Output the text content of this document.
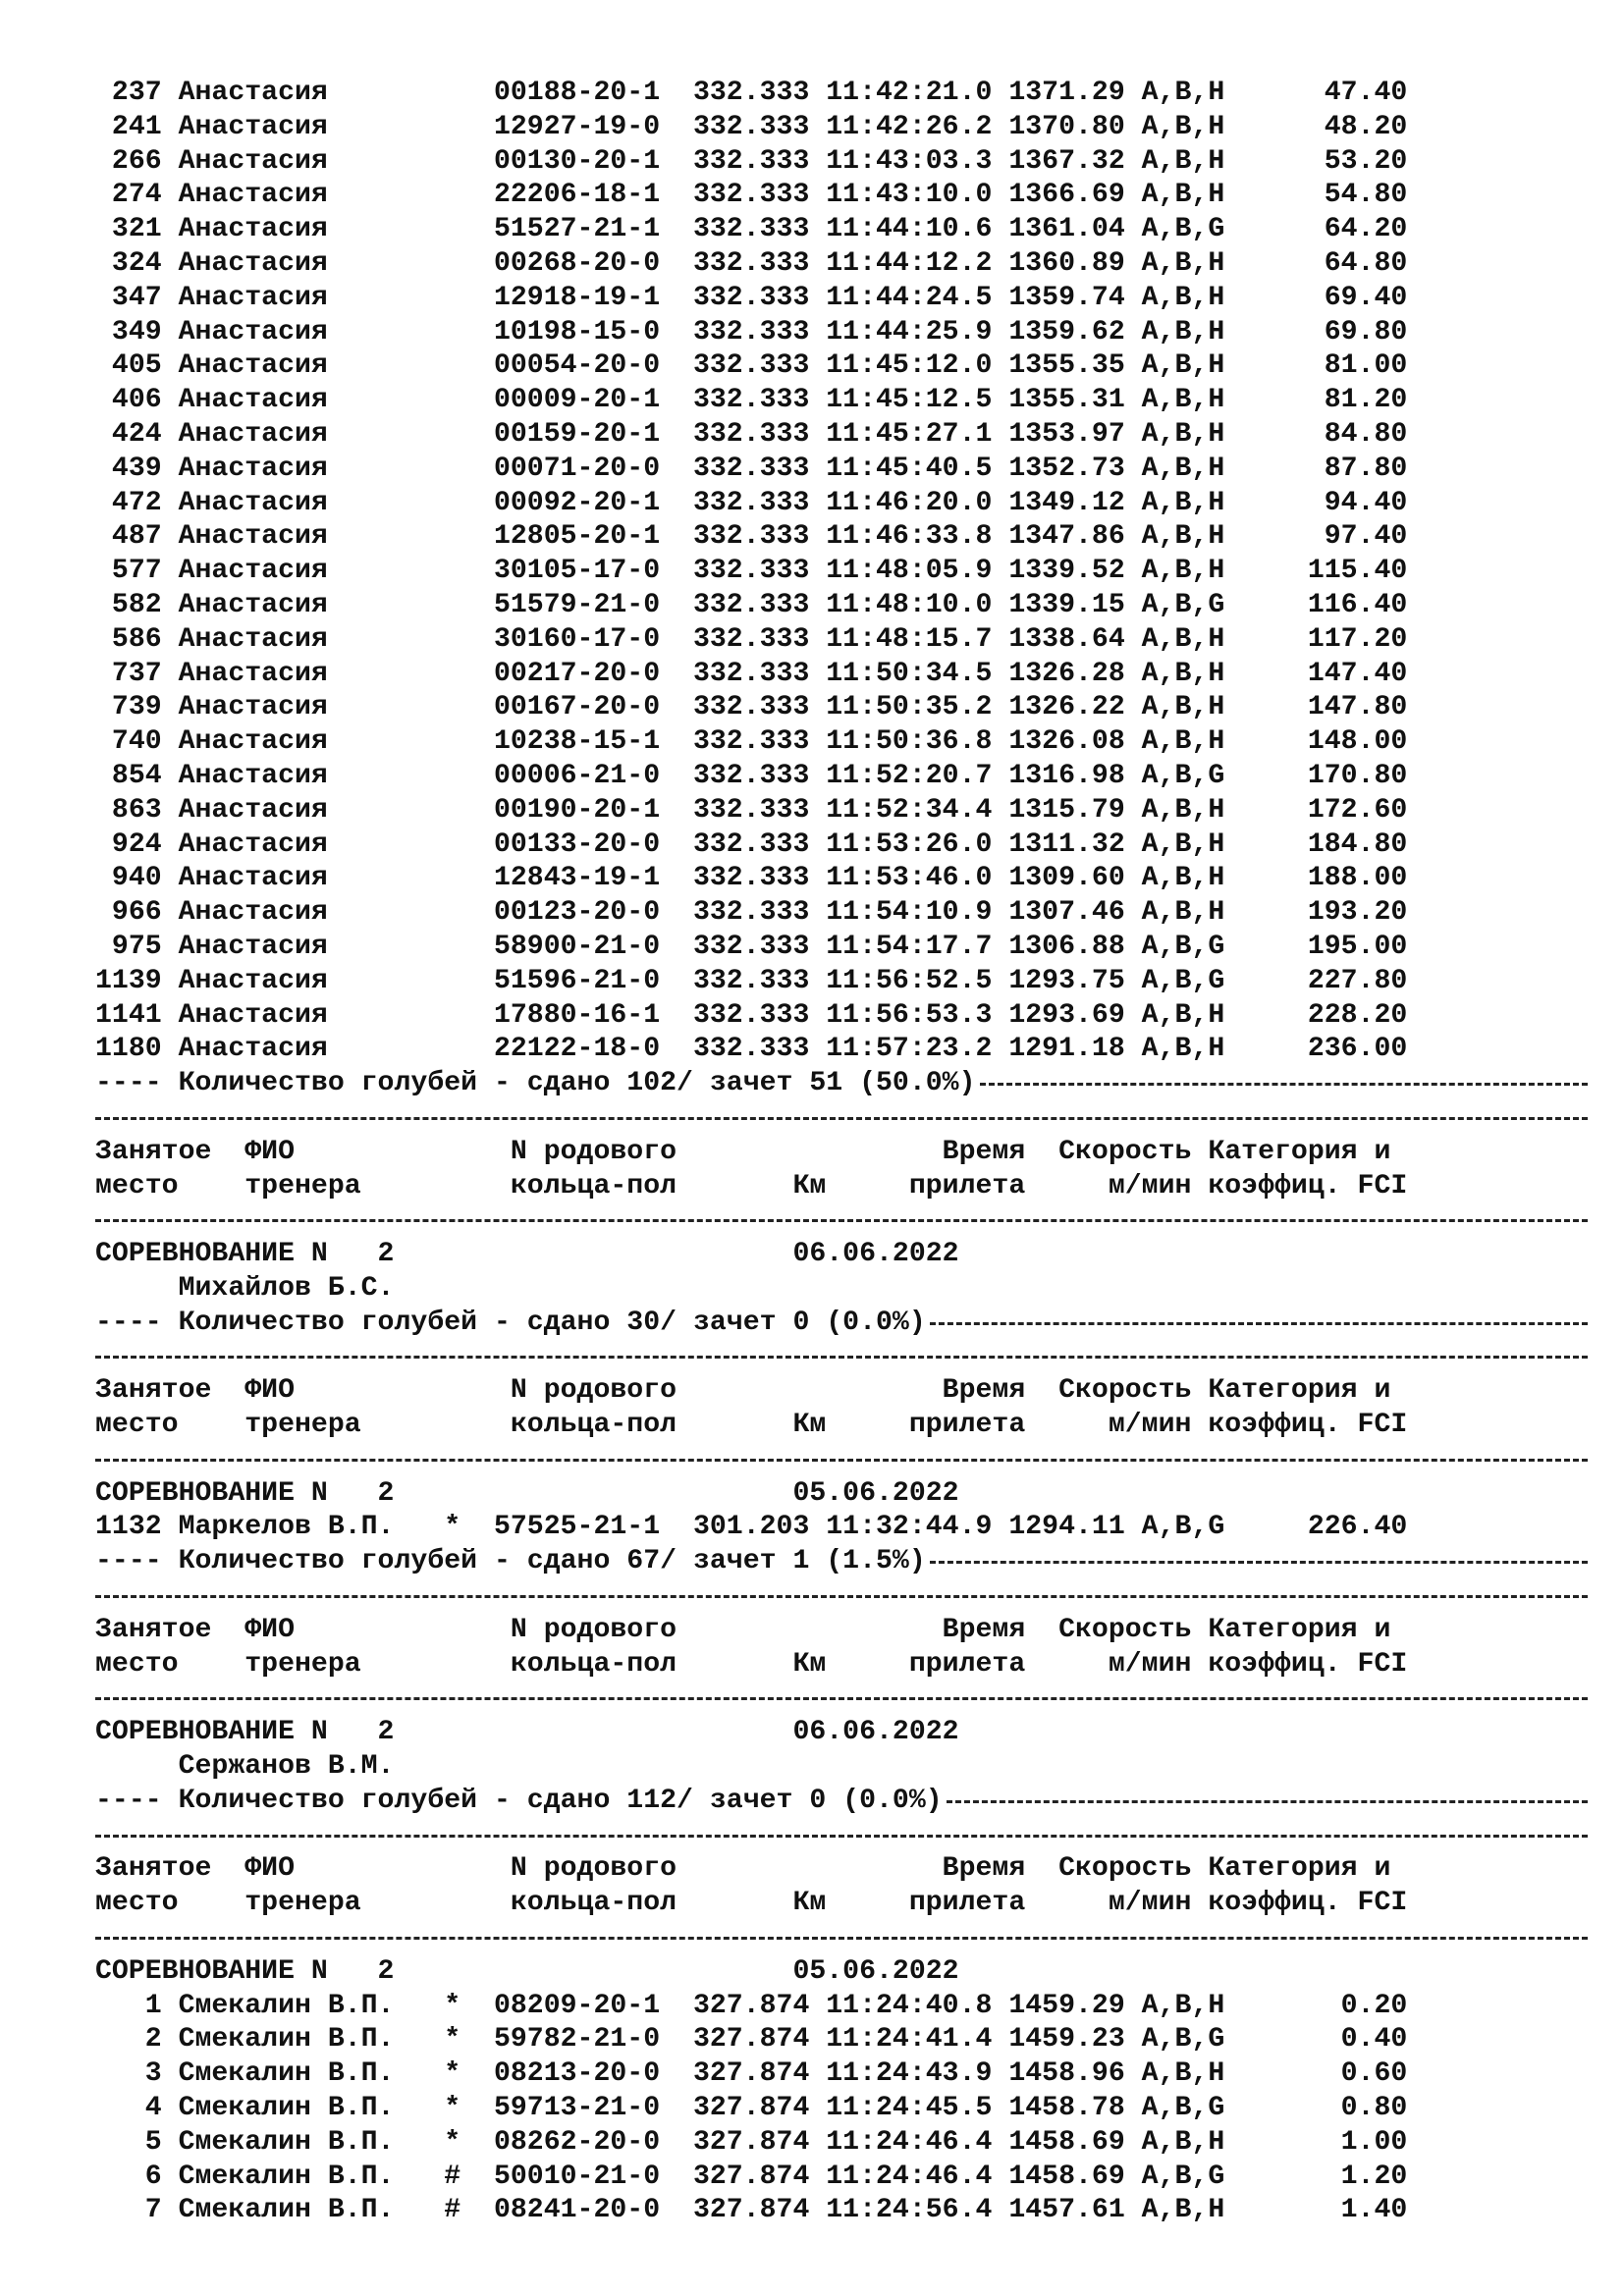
237 Анастасия          00188-20-1  332.333 11:42:21.0 1371.29 A,B,H      47.40
241 Анастасия          12927-19-0  332.333 11:42:26.2 1370.80 A,B,H      48.20
266 Анастасия          00130-20-1  332.333 11:43:03.3 1367.32 A,B,H      53.20
274 Анастасия          22206-18-1  332.333 11:43:10.0 1366.69 A,B,H      54.80
321 Анастасия          51527-21-1  332.333 11:44:10.6 1361.04 A,B,G      64.20
324 Анастасия          00268-20-0  332.333 11:44:12.2 1360.89 A,B,H      64.80
347 Анастасия          12918-19-1  332.333 11:44:24.5 1359.74 A,B,H      69.40
349 Анастасия          10198-15-0  332.333 11:44:25.9 1359.62 A,B,H      69.80
405 Анастасия          00054-20-0  332.333 11:45:12.0 1355.35 A,B,H      81.00
406 Анастасия          00009-20-1  332.333 11:45:12.5 1355.31 A,B,H      81.20
424 Анастасия          00159-20-1  332.333 11:45:27.1 1353.97 A,B,H      84.80
439 Анастасия          00071-20-0  332.333 11:45:40.5 1352.73 A,B,H      87.80
472 Анастасия          00092-20-1  332.333 11:46:20.0 1349.12 A,B,H      94.40
487 Анастасия          12805-20-1  332.333 11:46:33.8 1347.86 A,B,H      97.40
577 Анастасия          30105-17-0  332.333 11:48:05.9 1339.52 A,B,H     115.40
582 Анастасия          51579-21-0  332.333 11:48:10.0 1339.15 A,B,G     116.40
586 Анастасия          30160-17-0  332.333 11:48:15.7 1338.64 A,B,H     117.20
737 Анастасия          00217-20-0  332.333 11:50:34.5 1326.28 A,B,H     147.40
739 Анастасия          00167-20-0  332.333 11:50:35.2 1326.22 A,B,H     147.80
740 Анастасия          10238-15-1  332.333 11:50:36.8 1326.08 A,B,H     148.00
854 Анастасия          00006-21-0  332.333 11:52:20.7 1316.98 A,B,G     170.80
863 Анастасия          00190-20-1  332.333 11:52:34.4 1315.79 A,B,H     172.60
924 Анастасия          00133-20-0  332.333 11:53:26.0 1311.32 A,B,H     184.80
940 Анастасия          12843-19-1  332.333 11:53:46.0 1309.60 A,B,H     188.00
966 Анастасия          00123-20-0  332.333 11:54:10.9 1307.46 A,B,H     193.20
975 Анастасия          58900-21-0  332.333 11:54:17.7 1306.88 A,B,G     195.00
1139 Анастасия          51596-21-0  332.333 11:56:52.5 1293.75 A,B,G     227.80
1141 Анастасия          17880-16-1  332.333 11:56:53.3 1293.69 A,B,H     228.20
1180 Анастасия          22122-18-0  332.333 11:57:23.2 1291.18 A,B,H     236.00
---- Количество голубей - сдано 102/ зачет 51 (50.0%)
Занятое  ФИО             N родового                Время  Скорость Категория и
место    тренера         кольца-пол       Км     прилета     м/мин коэффиц. FCI
СОРЕВНОВАНИЕ N   2                        06.06.2022
Михайлов Б.С.
---- Количество голубей - сдано 30/ зачет 0 (0.0%)
Занятое  ФИО             N родового                Время  Скорость Категория и
место    тренера         кольца-пол       Км     прилета     м/мин коэффиц. FCI
СОРЕВНОВАНИЕ N   2                        05.06.2022
1132 Маркелов В.П.   *  57525-21-1  301.203 11:32:44.9 1294.11 A,B,G     226.40
---- Количество голубей - сдано 67/ зачет 1 (1.5%)
Занятое  ФИО             N родового                Время  Скорость Категория и
место    тренера         кольца-пол       Км     прилета     м/мин коэффиц. FCI
СОРЕВНОВАНИЕ N   2                        06.06.2022
Сержанов В.М.
---- Количество голубей - сдано 112/ зачет 0 (0.0%)
Занятое  ФИО             N родового                Время  Скорость Категория и
место    тренера         кольца-пол       Км     прилета     м/мин коэффиц. FCI
СОРЕВНОВАНИЕ N   2                        05.06.2022
1 Смекалин В.П.   *  08209-20-1  327.874 11:24:40.8 1459.29 A,B,H       0.20
2 Смекалин В.П.   *  59782-21-0  327.874 11:24:41.4 1459.23 A,B,G       0.40
3 Смекалин В.П.   *  08213-20-0  327.874 11:24:43.9 1458.96 A,B,H       0.60
4 Смекалин В.П.   *  59713-21-0  327.874 11:24:45.5 1458.78 A,B,G       0.80
5 Смекалин В.П.   *  08262-20-0  327.874 11:24:46.4 1458.69 A,B,H       1.00
6 Смекалин В.П.   #  50010-21-0  327.874 11:24:46.4 1458.69 A,B,G       1.20
7 Смекалин В.П.   #  08241-20-0  327.874 11:24:56.4 1457.61 A,B,H       1.40
